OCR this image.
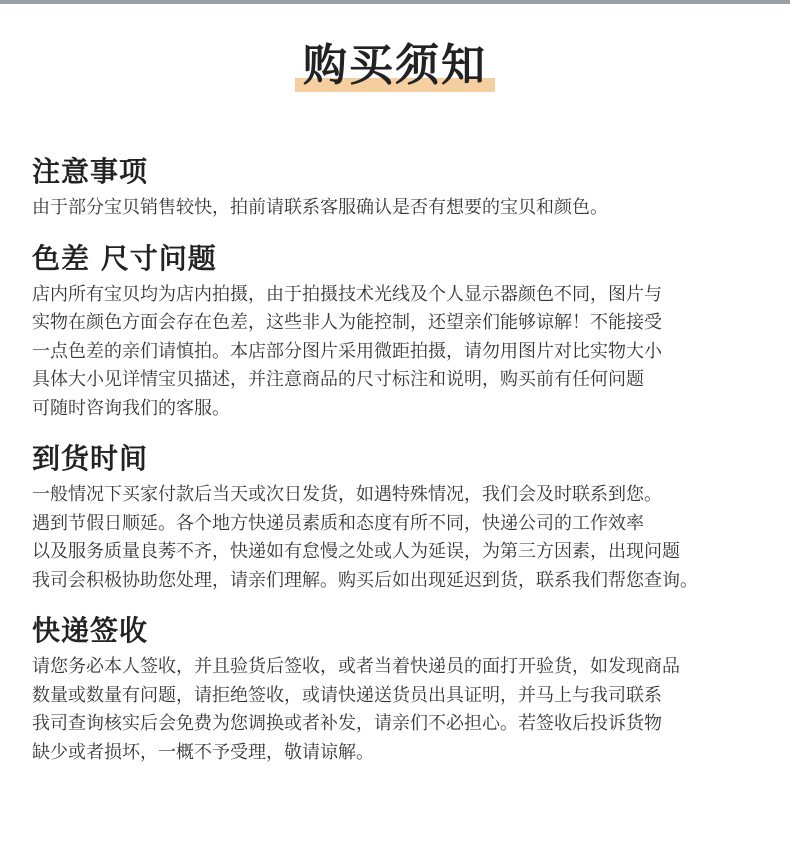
购买须知
注意事项
由于部分宝贝销售较快，拍前请联系客服确认是否有想要的宝贝和颜色。
色差 尺寸问题
店内所有宝贝均为店内拍摄，由于拍摄技术光线及个人显示器颜色不同，图片与
实物在颜色方面会存在色差，这些非人为能控制，还望亲们能够谅解！不能接受
一点色差的亲们请慎拍。本店部分图片采用微距拍摄，请勿用图片对比实物大小
具体大小见详情宝贝描述，并注意商品的尺寸标注和说明，购买前有任何问题
可随时咨询我们的客服。
到货时间
一般情况下买家付款后当天或次日发货，如遇特殊情况，我们会及时联系到您。
遇到节假日顺延。各个地方快递员素质和态度有所不同，快递公司的工作效率
以及服务质量良莠不齐，快递如有怠慢之处或人为延误，为第三方因素，出现问题
我司会积极协助您处理，请亲们理解。购买后如出现延迟到货，联系我们帮您查询。
快递签收
请您务必本人签收，并且验货后签收，或者当着快递员的面打开验货，如发现商品
数量或数量有问题，请拒绝签收，或请快递送货员出具证明，并马上与我司联系
我司查询核实后会免费为您调换或者补发，请亲们不必担心。若签收后投诉货物
缺少或者损坏，一概不予受理，敬请谅解。
